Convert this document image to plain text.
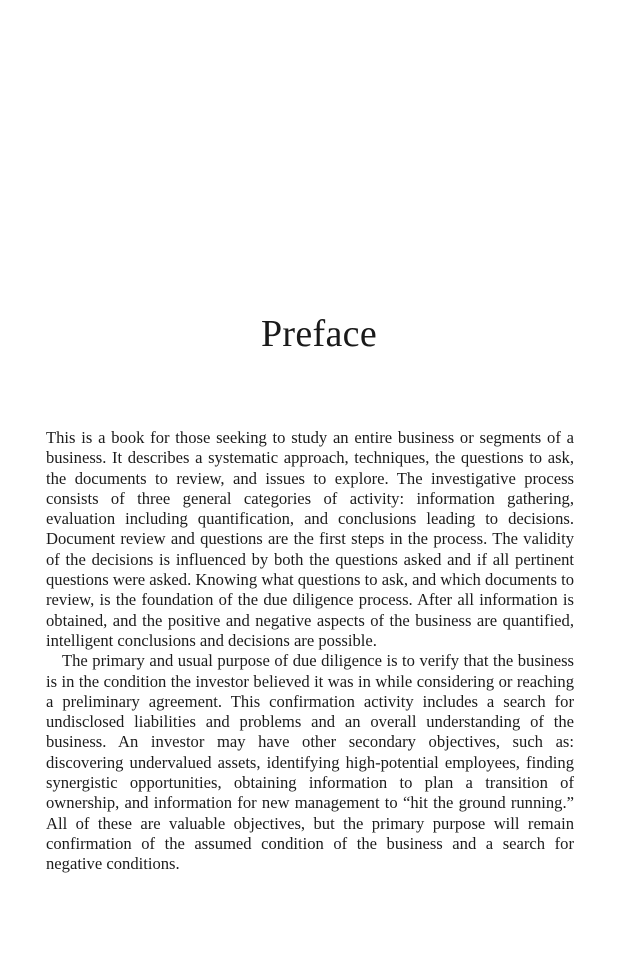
Preface

This is a book for those seeking to study an entire business or segments of a business. It describes a systematic approach, techniques, the questions to ask, the documents to review, and issues to explore. The investigative process consists of three general categories of activity: information gathering, evaluation including quantification, and conclusions leading to decisions. Document review and questions are the first steps in the process. The validity of the decisions is influenced by both the questions asked and if all pertinent questions were asked. Knowing what questions to ask, and which documents to review, is the foundation of the due diligence process. After all information is obtained, and the positive and negative aspects of the business are quantified, intelligent conclusions and decisions are possible.

The primary and usual purpose of due diligence is to verify that the business is in the condition the investor believed it was in while considering or reaching a preliminary agreement. This confirmation activity includes a search for undisclosed liabilities and problems and an overall understanding of the business. An investor may have other secondary objectives, such as: discovering undervalued assets, identifying high-potential employees, finding synergistic opportunities, obtaining information to plan a transition of ownership, and information for new management to “hit the ground running.” All of these are valuable objectives, but the primary purpose will remain confirmation of the assumed condition of the business and a search for negative conditions.
